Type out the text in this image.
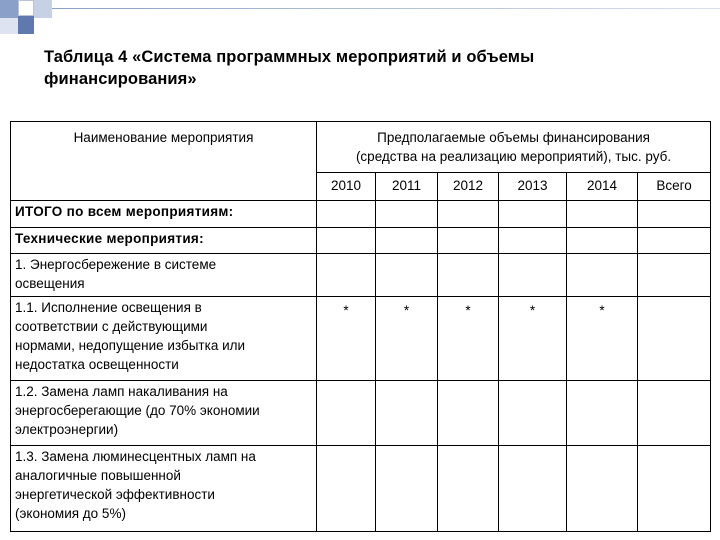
Таблица 4 «Система программных мероприятий и объемы
финансирования»
Наименование мероприятия	Предполагаемые объемы финансирования
(средства на реализацию мероприятий), тыс. руб.					

	2010	2011	2012	2013	2014	Всего
ИТОГО по всем мероприятиям:						
Технические мероприятия:						

1. Энергосбережение в системе
освещения						

1.1. Исполнение освещения в
соответствии с действующими
нормами, недопущение избытка или
недостатка освещенности	*	*	*	*	*	

1.2. Замена ламп накаливания на
энергосберегающие (до 70% экономии
электроэнергии)						

1.3. Замена люминесцентных ламп на
аналогичные повышенной
энергетической эффективности
(экономия до 5%)						
